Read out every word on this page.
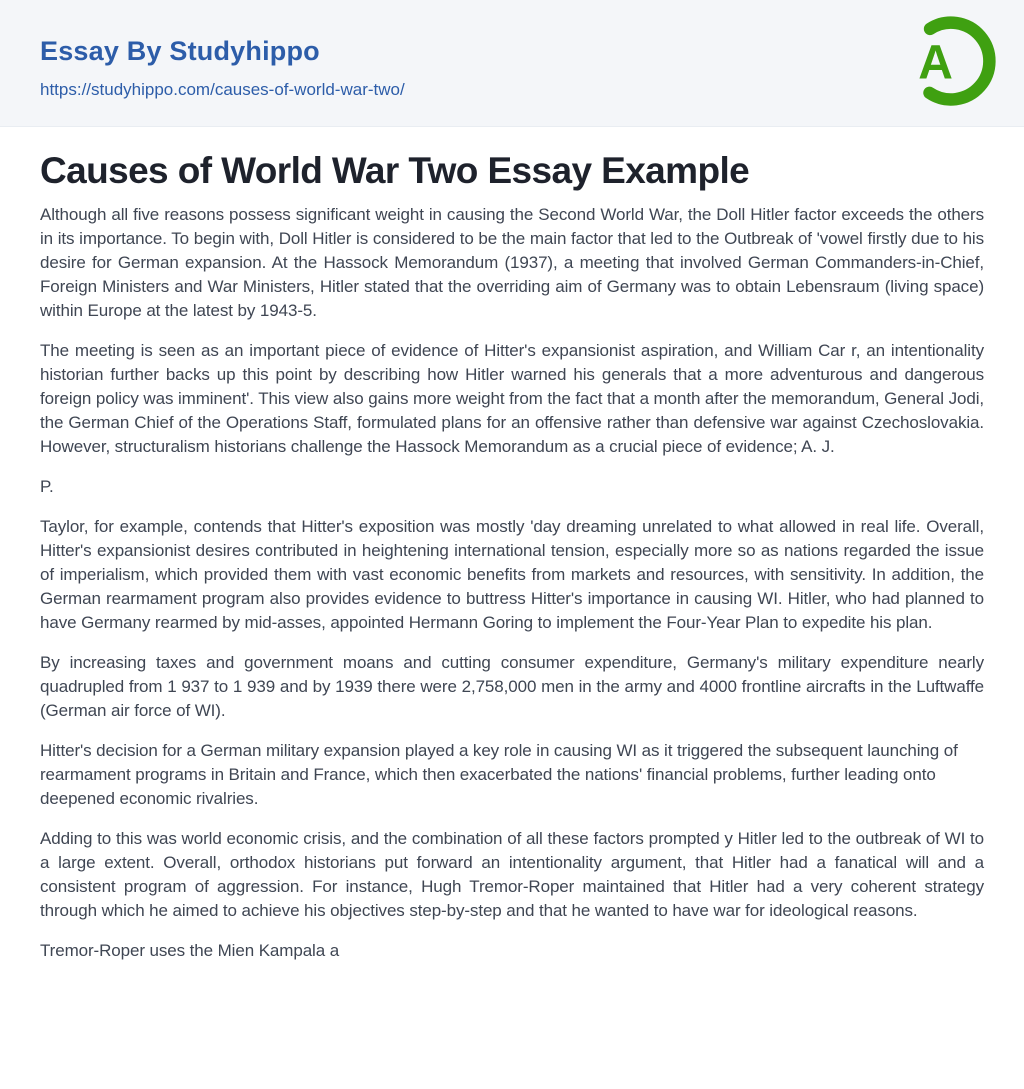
Essay By Studyhippo
https://studyhippo.com/causes-of-world-war-two/
A
Causes of World War Two Essay Example

Although all five reasons possess significant weight in causing the Second World War, the Doll Hitler factor exceeds the others in its importance. To begin with, Doll Hitler is considered to be the main factor that led to the Outbreak of 'vowel firstly due to his desire for German expansion. At the Hassock Memorandum (1937), a meeting that involved German Commanders-in-Chief, Foreign Ministers and War Ministers, Hitler stated that the overriding aim of Germany was to obtain Lebensraum (living space) within Europe at the latest by 1943-5.

The meeting is seen as an important piece of evidence of Hitter's expansionist aspiration, and William Car r, an intentionality historian further backs up this point by describing how Hitler warned his generals that a more adventurous and dangerous foreign policy was imminent'. This view also gains more weight from the fact that a month after the memorandum, General Jodi, the German Chief of the Operations Staff, formulated plans for an offensive rather than defensive war against Czechoslovakia. However, structuralism historians challenge the Hassock Memorandum as a crucial piece of evidence; A. J.

P.

Taylor, for example, contends that Hitter's exposition was mostly 'day dreaming unrelated to what allowed in real life. Overall, Hitter's expansionist desires contributed in heightening international tension, especially more so as nations regarded the issue of imperialism, which provided them with vast economic benefits from markets and resources, with sensitivity. In addition, the German rearmament program also provides evidence to buttress Hitter's importance in causing WI. Hitler, who had planned to have Germany rearmed by mid-asses, appointed Hermann Goring to implement the Four-Year Plan to expedite his plan.

By increasing taxes and government moans and cutting consumer expenditure, Germany's military expenditure nearly quadrupled from 1 937 to 1 939 and by 1939 there were 2,758,000 men in the army and 4000 frontline aircrafts in the Luftwaffe (German air force of WI).

Hitter's decision for a German military expansion played a key role in causing WI as it triggered the subsequent launching of rearmament programs in Britain and France, which then exacerbated the nations' financial problems, further leading onto deepened economic rivalries.

Adding to this was world economic crisis, and the combination of all these factors prompted y Hitler led to the outbreak of WI to a large extent. Overall, orthodox historians put forward an intentionality argument, that Hitler had a fanatical will and a consistent program of aggression. For instance, Hugh Tremor-Roper maintained that Hitler had a very coherent strategy through which he aimed to achieve his objectives step-by-step and that he wanted to have war for ideological reasons.

Tremor-Roper uses the Mien Kampala a
